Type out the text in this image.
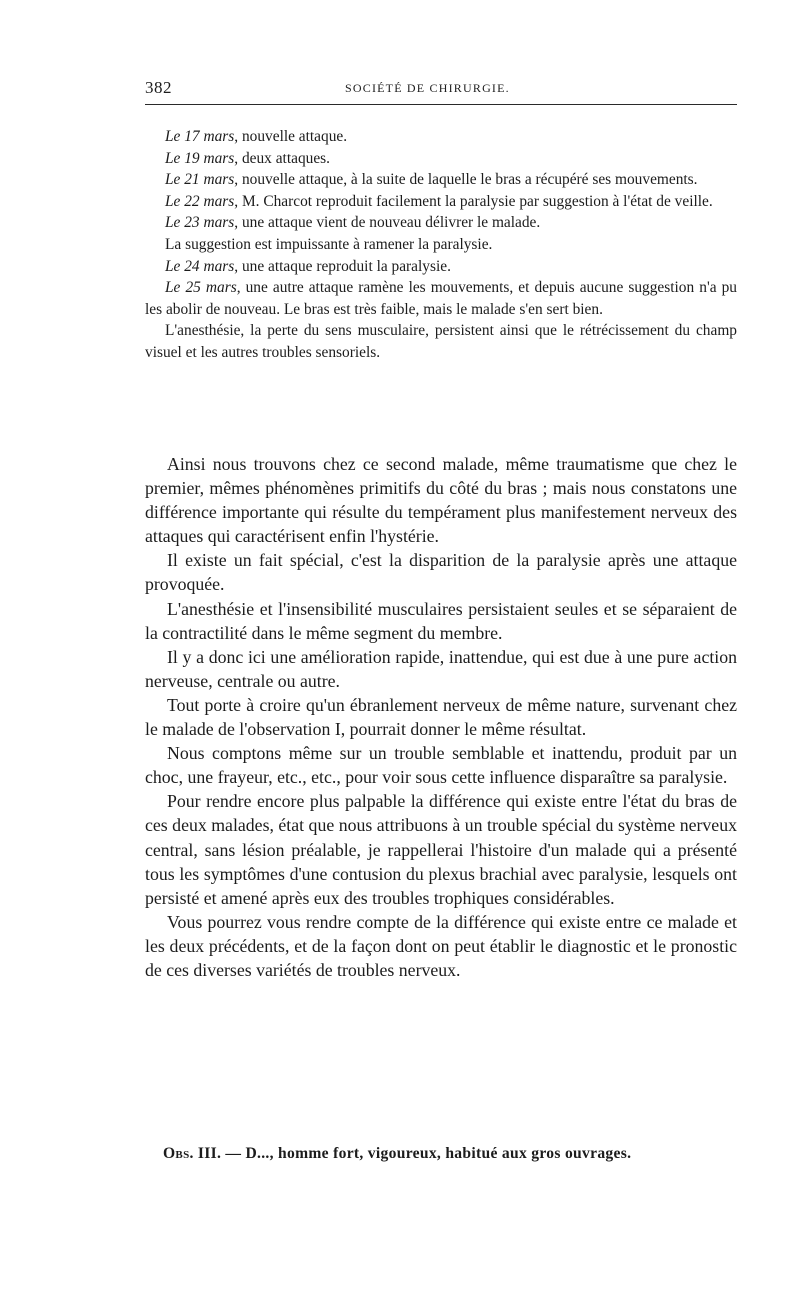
382	SOCIÉTÉ DE CHIRURGIE.

Le 17 mars, nouvelle attaque.

Le 19 mars, deux attaques.

Le 21 mars, nouvelle attaque, à la suite de laquelle le bras a récupéré ses mouvements.

Le 22 mars, M. Charcot reproduit facilement la paralysie par suggestion à l'état de veille.

Le 23 mars, une attaque vient de nouveau délivrer le malade.

La suggestion est impuissante à ramener la paralysie.

Le 24 mars, une attaque reproduit la paralysie.

Le 25 mars, une autre attaque ramène les mouvements, et depuis aucune suggestion n'a pu les abolir de nouveau. Le bras est très faible, mais le malade s'en sert bien.

L'anesthésie, la perte du sens musculaire, persistent ainsi que le rétrécissement du champ visuel et les autres troubles sensoriels.

Ainsi nous trouvons chez ce second malade, même traumatisme que chez le premier, mêmes phénomènes primitifs du côté du bras ; mais nous constatons une différence importante qui résulte du tempérament plus manifestement nerveux des attaques qui caractérisent enfin l'hystérie.

Il existe un fait spécial, c'est la disparition de la paralysie après une attaque provoquée.

L'anesthésie et l'insensibilité musculaires persistaient seules et se séparaient de la contractilité dans le même segment du membre.

Il y a donc ici une amélioration rapide, inattendue, qui est due à une pure action nerveuse, centrale ou autre.

Tout porte à croire qu'un ébranlement nerveux de même nature, survenant chez le malade de l'observation I, pourrait donner le même résultat.

Nous comptons même sur un trouble semblable et inattendu, produit par un choc, une frayeur, etc., etc., pour voir sous cette influence disparaître sa paralysie.

Pour rendre encore plus palpable la différence qui existe entre l'état du bras de ces deux malades, état que nous attribuons à un trouble spécial du système nerveux central, sans lésion préalable, je rappellerai l'histoire d'un malade qui a présenté tous les symptômes d'une contusion du plexus brachial avec paralysie, lesquels ont persisté et amené après eux des troubles trophiques considérables.

Vous pourrez vous rendre compte de la différence qui existe entre ce malade et les deux précédents, et de la façon dont on peut établir le diagnostic et le pronostic de ces diverses variétés de troubles nerveux.

Obs. III. — D..., homme fort, vigoureux, habitué aux gros ouvrages.
